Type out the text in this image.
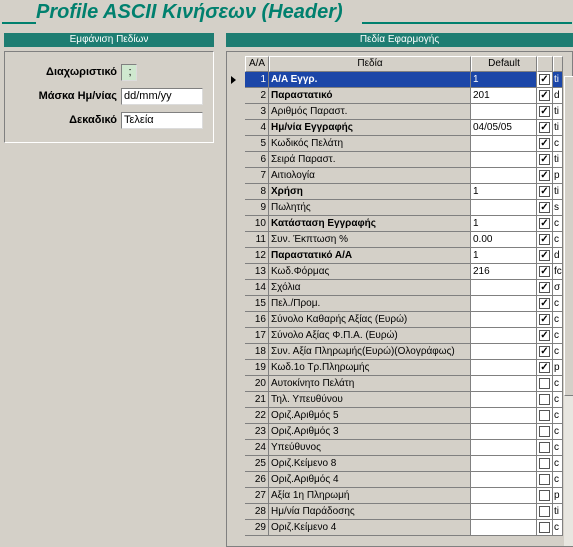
Profile ASCII Κινήσεων (Header)
Εμφάνιση Πεδίων
Διαχωριστικό	;
Μάσκα Ημ/νίας dd/mm/yy
Δεκαδικό Τελεία
Πεδία Εφαρμογής
A/A	Πεδία	Default
1 A/A Εγγρ.	1	✓ ti
2 Παραστατικό	201	✓ d
3 Αριθμός Παραστ.	✓ ti
4 Ημ/νία Εγγραφής	04/05/05	✓ ti
5 Κωδικός Πελάτη	✓ c
6 Σειρά Παραστ.	✓ ti
7 Αιτιολογία	✓ p
8 Χρήση	1	✓ ti
9 Πωλητής	✓ s
10 Κατάσταση Εγγραφής	1	✓ c
11 Συν. Έκπτωση %	0.00	✓ c
12 Παραστατικό Α/Α	1	✓ d
13 Κωδ.Φόρμας	216	✓ fc
14 Σχόλια	✓ σ
15 Πελ./Προμ.	✓ c
16 Σύνολο Καθαρής Αξίας (Ευρώ)	✓ c
17 Σύνολο Αξίας Φ.Π.Α. (Ευρώ)	✓ c
18 Συν. Αξία Πληρωμής(Ευρώ)(Ολογράφως)	✓ c
19 Κωδ.1ο Τρ.Πληρωμής	✓ p
20 Αυτοκίνητο Πελάτη	c
21 Τηλ. Υπευθύνου	c
22 Οριζ.Αριθμός 5	c
23 Οριζ.Αριθμός 3	c
24 Υπεύθυνος	c
25 Οριζ.Κείμενο 8	c
26 Οριζ.Αριθμός 4	c
27 Αξία 1η Πληρωμή	p
28 Ημ/νία Παράδοσης	ti
29 Οριζ.Κείμενο 4	c
